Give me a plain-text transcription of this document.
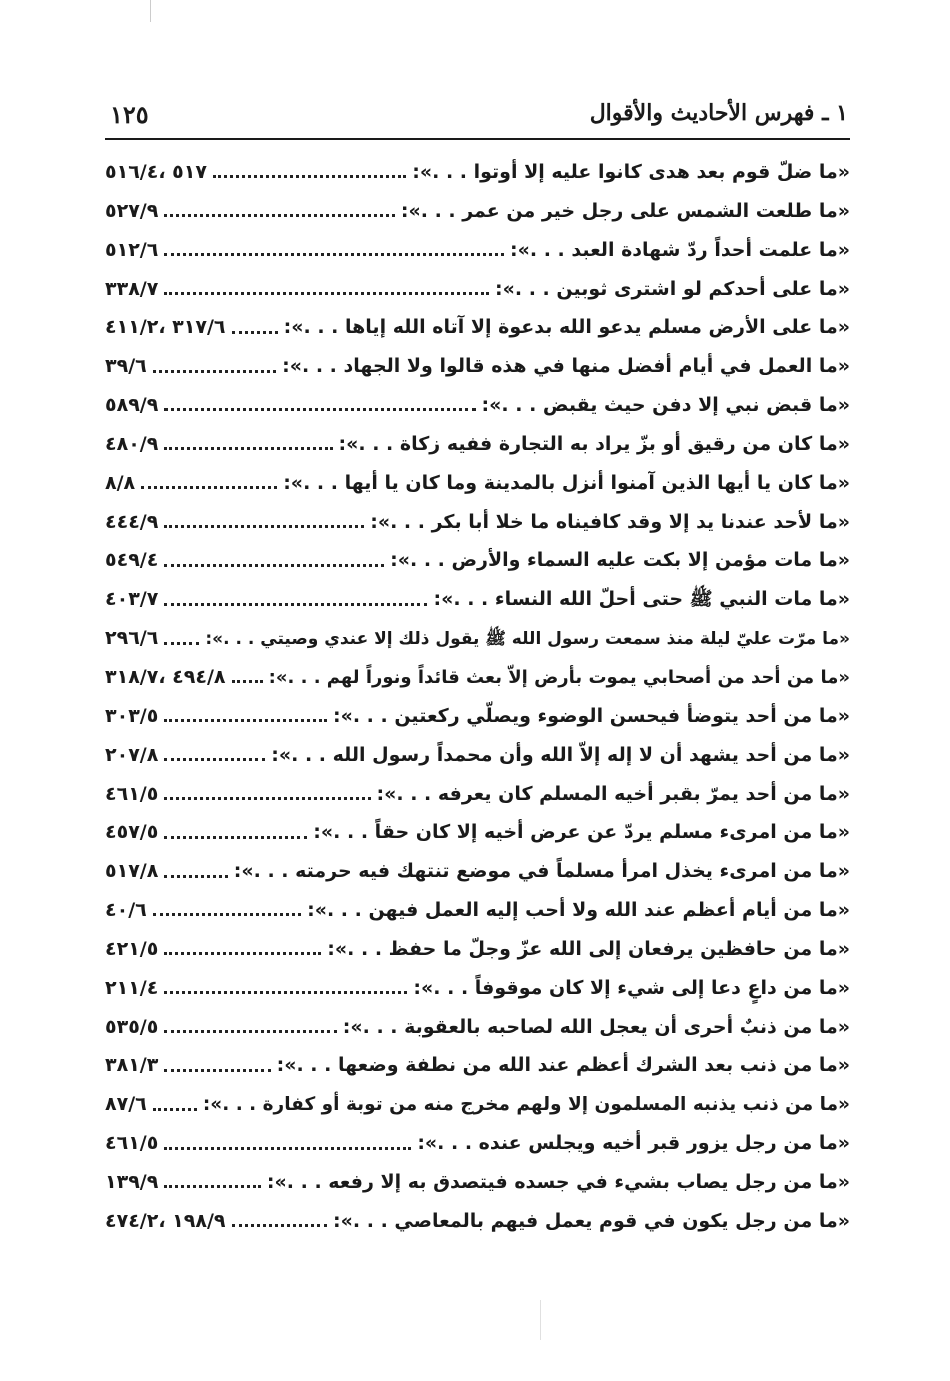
١ ـ فهرس الأحاديث والأقوال
١٢٥
«ما ضلّ قوم بعد هدى كانوا عليه إلا أوتوا . . .»:
٥١٧ ،٥١٦/٤
«ما طلعت الشمس على رجل خير من عمر . . .»:
٥٢٧/٩
«ما علمت أحداً ردّ شهادة العبد . . .»:
٥١٢/٦
«ما على أحدكم لو اشترى ثوبين . . .»:
٣٣٨/٧
«ما على الأرض مسلم يدعو الله بدعوة إلا آتاه الله إياها . . .»:
٣١٧/٦ ،٤١١/٢
«ما العمل في أيام أفضل منها في هذه قالوا ولا الجهاد . . .»:
٣٩/٦
«ما قبض نبي إلا دفن حيث يقبض . . .»:
٥٨٩/٩
«ما كان من رقيق أو بزّ يراد به التجارة ففيه زكاة . . .»:
٤٨٠/٩
«ما كان يا أيها الذين آمنوا أنزل بالمدينة وما كان يا أيها . . .»:
٨/٨
«ما لأحد عندنا يد إلا وقد كافيناه ما خلا أبا بكر . . .»:
٤٤٤/٩
«ما مات مؤمن إلا بكت عليه السماء والأرض . . .»:
٥٤٩/٤
«ما مات النبي ﷺ حتى أحلّ الله النساء . . .»:
٤٠٣/٧
«ما مرّت عليّ ليلة منذ سمعت رسول الله ﷺ يقول ذلك إلا عندي وصيتي . . .»:
٢٩٦/٦
«ما من أحد من أصحابي يموت بأرض إلاّ بعث قائداً ونوراً لهم . . .»:
٤٩٤/٨ ،٣١٨/٧
«ما من أحد يتوضأ فيحسن الوضوء ويصلّي ركعتين . . .»:
٣٠٣/٥
«ما من أحد يشهد أن لا إله إلاّ الله وأن محمداً رسول الله . . .»:
٢٠٧/٨
«ما من أحد يمرّ بقبر أخيه المسلم كان يعرفه . . .»:
٤٦١/٥
«ما من امرىء مسلم يردّ عن عرض أخيه إلا كان حقاً . . .»:
٤٥٧/٥
«ما من امرىء يخذل امرأ مسلماً في موضع تنتهك فيه حرمته . . .»:
٥١٧/٨
«ما من أيام أعظم عند الله ولا أحب إليه العمل فيهن . . .»:
٤٠/٦
«ما من حافظين يرفعان إلى الله عزّ وجلّ ما حفظ . . .»:
٤٢١/٥
«ما من داعٍ دعا إلى شيء إلا كان موقوفاً . . .»:
٢١١/٤
«ما من ذنبٌ أحرى أن يعجل الله لصاحبه بالعقوبة . . .»:
٥٣٥/٥
«ما من ذنب بعد الشرك أعظم عند الله من نطفة وضعها . . .»:
٣٨١/٣
«ما من ذنب يذنبه المسلمون إلا ولهم مخرج منه من توبة أو كفارة . . .»:
٨٧/٦
«ما من رجل يزور قبر أخيه ويجلس عنده . . .»:
٤٦١/٥
«ما من رجل يصاب بشيء في جسده فيتصدق به إلا رفعه . . .»:
١٣٩/٩
«ما من رجل يكون في قوم يعمل فيهم بالمعاصي . . .»:
١٩٨/٩ ،٤٧٤/٢
